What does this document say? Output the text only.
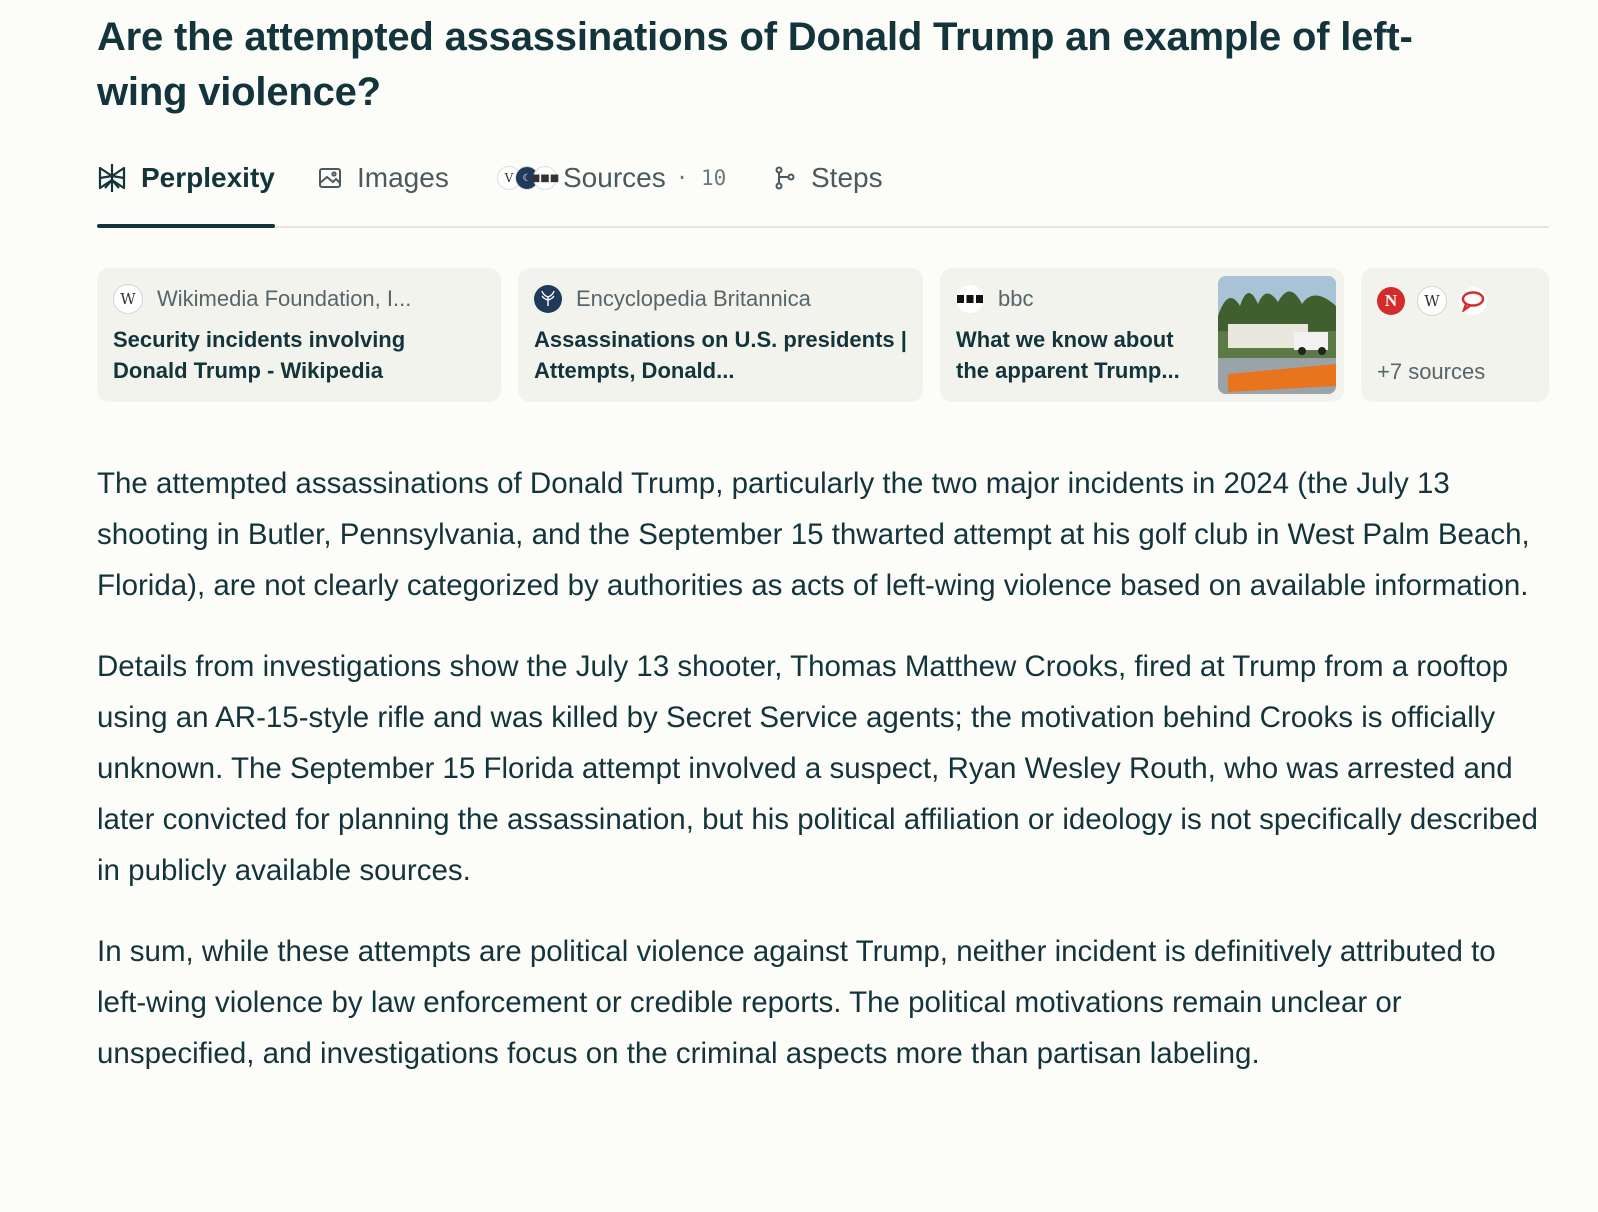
Are the attempted assassinations of Donald Trump an example of left-wing violence?
Perplexity	Images	V ☾ ■■■ Sources · 10	Steps
W Wikimedia Foundation, I...
Security incidents involving Donald Trump - Wikipedia
Encyclopedia Britannica
Assassinations on U.S. presidents | Attempts, Donald...
bbc
What we know about the apparent Trump...
N	W
+7 sources

The attempted assassinations of Donald Trump, particularly the two major incidents in 2024 (the July 13 shooting in Butler, Pennsylvania, and the September 15 thwarted attempt at his golf club in West Palm Beach, Florida), are not clearly categorized by authorities as acts of left-wing violence based on available information.

Details from investigations show the July 13 shooter, Thomas Matthew Crooks, fired at Trump from a rooftop using an AR-15-style rifle and was killed by Secret Service agents; the motivation behind Crooks is officially unknown. The September 15 Florida attempt involved a suspect, Ryan Wesley Routh, who was arrested and later convicted for planning the assassination, but his political affiliation or ideology is not specifically described in publicly available sources.

In sum, while these attempts are political violence against Trump, neither incident is definitively attributed to left-wing violence by law enforcement or credible reports. The political motivations remain unclear or unspecified, and investigations focus on the criminal aspects more than partisan labeling.
